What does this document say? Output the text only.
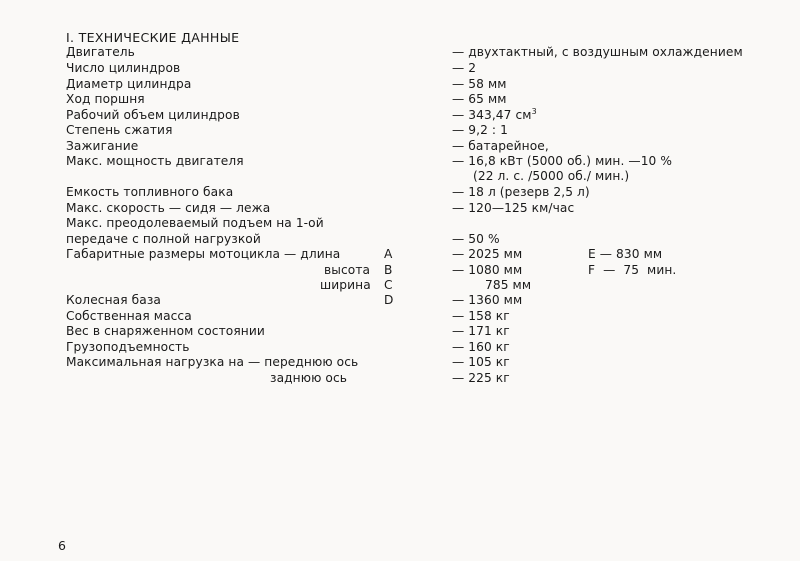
I. ТЕХНИЧЕСКИЕ ДАННЫЕ
Двигатель
Число цилиндров
Диаметр цилиндра
Ход поршня
Рабочий объем цилиндров
Степень сжатия
Зажигание
Макс. мощность двигателя
Емкость топливного бака
Макс. скорость — сидя — лежа
Макс. преодолеваемый подъем на 1-ой
передаче с полной нагрузкой
Габаритные размеры мотоцикла — длина
высота
ширина
Колесная база
Собственная масса
Вес в снаряженном состоянии
Грузоподъемность
Максимальная нагрузка на — переднюю ось
заднюю ось
A
B
C
D
— двухтактный, с воздушным охлаждением
— 2
— 58 мм
— 65 мм
— 343,47 $см^3$
— 9,2 : 1
— батарейное,
— 16,8 кВт (5000 об.) мин. —10 %
(22 л. с. /5000 об./ мин.)
— 18 л (резерв 2,5 л)
— 120—125 км/час
— 50 %
— 2025 мм
— 1080 мм
785 мм
— 1360 мм
— 158 кг
— 171 кг
— 160 кг
— 105 кг
— 225 кг
E — 830 мм
F — 75 мин.
6
